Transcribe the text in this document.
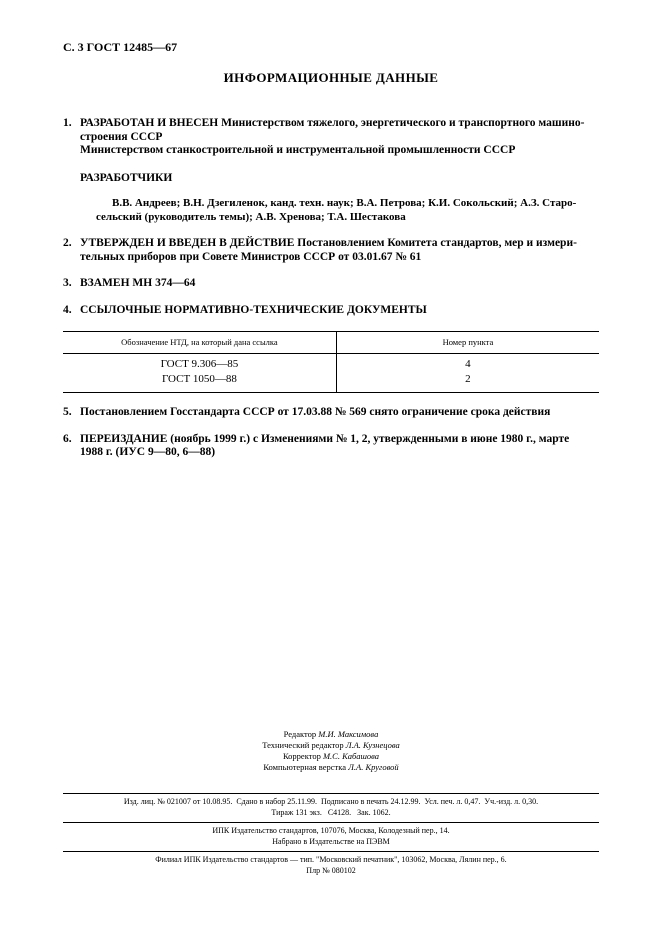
С. 3 ГОСТ 12485—67
ИНФОРМАЦИОННЫЕ ДАННЫЕ
1. РАЗРАБОТАН И ВНЕСЕН Министерством тяжелого, энергетического и транспортного машино-
строения СССР
Министерством станкостроительной и инструментальной промышленности СССР
РАЗРАБОТЧИКИ
В.В. Андреев; В.Н. Дзегиленок, канд. техн. наук; В.А. Петрова; К.И. Сокольский; А.З. Старо-
сельский (руководитель темы); А.В. Хренова; Т.А. Шестакова
2. УТВЕРЖДЕН И ВВЕДЕН В ДЕЙСТВИЕ Постановлением Комитета стандартов, мер и измери-
тельных приборов при Совете Министров СССР от 03.01.67 № 61
3. ВЗАМЕН МН 374—64
4. ССЫЛОЧНЫЕ НОРМАТИВНО-ТЕХНИЧЕСКИЕ ДОКУМЕНТЫ
Обозначение НТД, на который дана ссылка	Номер пункта
ГОСТ 9.306—85	4
ГОСТ 1050—88	2
5. Постановлением Госстандарта СССР от 17.03.88 № 569 снято ограничение срока действия
6. ПЕРЕИЗДАНИЕ (ноябрь 1999 г.) с Изменениями № 1, 2, утвержденными в июне 1980 г., марте
1988 г. (ИУС 9—80, 6—88)
Редактор М.И. Максимова
Технический редактор Л.А. Кузнецова
Корректор М.С. Кабашова
Компьютерная верстка Л.А. Круговой
Изд. лиц. № 021007 от 10.08.95.  Сдано в набор 25.11.99.  Подписано в печать 24.12.99.  Усл. печ. л. 0,47.  Уч.-изд. л. 0,30.
Тираж 131 экз.   С4128.   Зак. 1062.
ИПК Издательство стандартов, 107076, Москва, Колодезный пер., 14.
Набрано в Издательстве на ПЭВМ
Филиал ИПК Издательство стандартов — тип. "Московский печатник", 103062, Москва, Лялин пер., 6.
Плр № 080102
